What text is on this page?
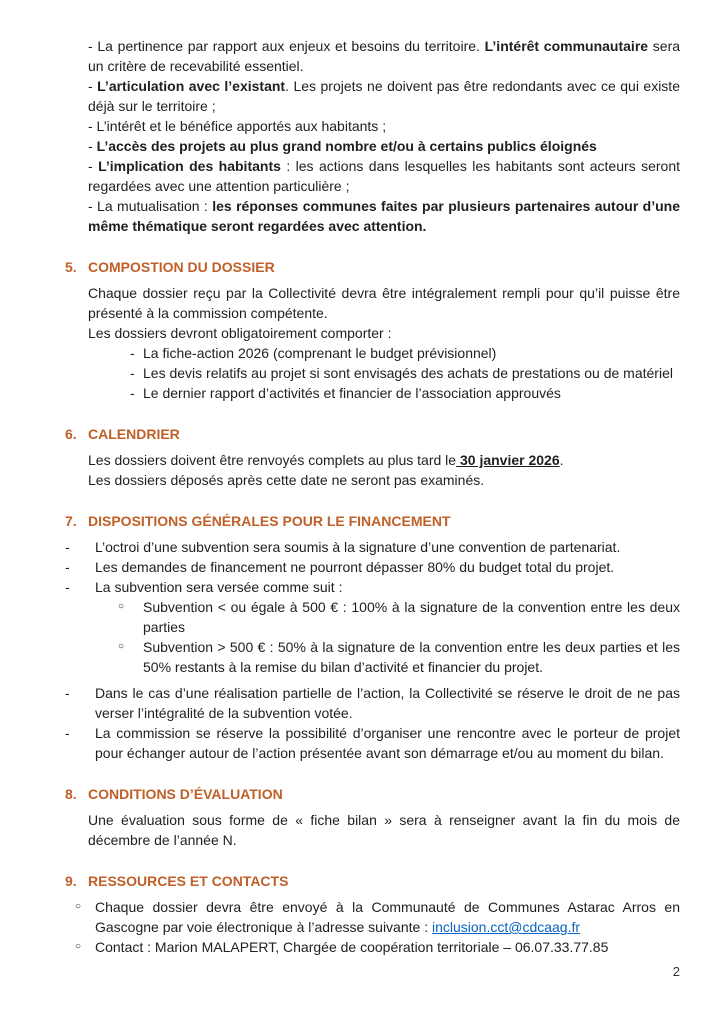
- La pertinence par rapport aux enjeux et besoins du territoire. L’intérêt communautaire sera un critère de recevabilité essentiel.
- L’articulation avec l’existant. Les projets ne doivent pas être redondants avec ce qui existe déjà sur le territoire ;
- L’intérêt et le bénéfice apportés aux habitants ;
- L’accès des projets au plus grand nombre et/ou à certains publics éloignés
- L’implication des habitants : les actions dans lesquelles les habitants sont acteurs seront regardées avec une attention particulière ;
- La mutualisation : les réponses communes faites par plusieurs partenaires autour d’une même thématique seront regardées avec attention.
5. COMPOSTION DU DOSSIER
Chaque dossier reçu par la Collectivité devra être intégralement rempli pour qu’il puisse être présenté à la commission compétente.
Les dossiers devront obligatoirement comporter :
- La fiche-action 2026 (comprenant le budget prévisionnel)
- Les devis relatifs au projet si sont envisagés des achats de prestations ou de matériel
- Le dernier rapport d’activités et financier de l’association approuvés
6. CALENDRIER
Les dossiers doivent être renvoyés complets au plus tard le 30 janvier 2026.
Les dossiers déposés après cette date ne seront pas examinés.
7. DISPOSITIONS GÉNÉRALES POUR LE FINANCEMENT
-	L’octroi d’une subvention sera soumis à la signature d’une convention de partenariat.
-	Les demandes de financement ne pourront dépasser 80% du budget total du projet.
-	La subvention sera versée comme suit :
○	Subvention < ou égale à 500 € : 100% à la signature de la convention entre les deux parties
○	Subvention > 500 € : 50% à la signature de la convention entre les deux parties et les 50% restants à la remise du bilan d’activité et financier du projet.
-	Dans le cas d’une réalisation partielle de l’action, la Collectivité se réserve le droit de ne pas verser l’intégralité de la subvention votée.
-	La commission se réserve la possibilité d’organiser une rencontre avec le porteur de projet pour échanger autour de l’action présentée avant son démarrage et/ou au moment du bilan.
8. CONDITIONS D’ÉVALUATION
Une évaluation sous forme de « fiche bilan » sera à renseigner avant la fin du mois de décembre de l’année N.
9. RESSOURCES ET CONTACTS
○ Chaque dossier devra être envoyé à la Communauté de Communes Astarac Arros en Gascogne par voie électronique à l’adresse suivante : inclusion.cct@cdcaag.fr
○ Contact : Marion MALAPERT, Chargée de coopération territoriale – 06.07.33.77.85
2
